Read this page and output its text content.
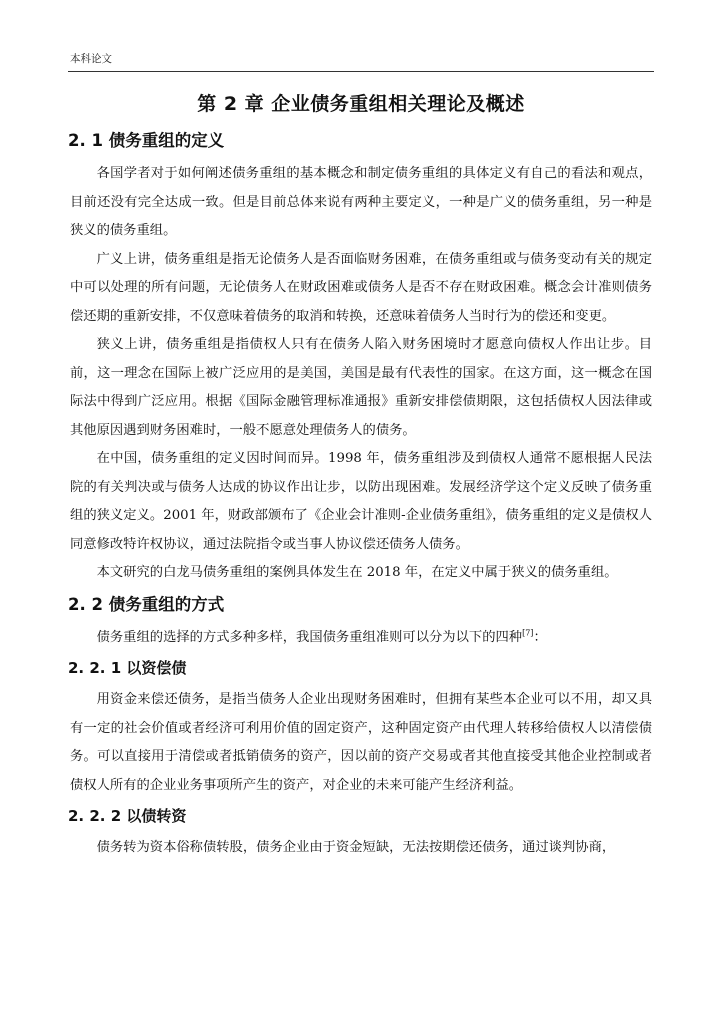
本科论文
第 2 章 企业债务重组相关理论及概述
2. 1 债务重组的定义

各国学者对于如何阐述债务重组的基本概念和制定债务重组的具体定义有自己的看法和观点，目前还没有完全达成一致。但是目前总体来说有两种主要定义，一种是广义的债务重组，另一种是狭义的债务重组。

广义上讲，债务重组是指无论债务人是否面临财务困难，在债务重组或与债务变动有关的规定中可以处理的所有问题，无论债务人在财政困难或债务人是否不存在财政困难。概念会计准则债务偿还期的重新安排，不仅意味着债务的取消和转换，还意味着债务人当时行为的偿还和变更。

狭义上讲，债务重组是指债权人只有在债务人陷入财务困境时才愿意向债权人作出让步。目前，这一理念在国际上被广泛应用的是美国，美国是最有代表性的国家。在这方面，这一概念在国际法中得到广泛应用。根据《国际金融管理标准通报》重新安排偿债期限，这包括债权人因法律或其他原因遇到财务困难时，一般不愿意处理债务人的债务。

在中国，债务重组的定义因时间而异。1998 年，债务重组涉及到债权人通常不愿根据人民法院的有关判决或与债务人达成的协议作出让步，以防出现困难。发展经济学这个定义反映了债务重组的狭义定义。2001 年，财政部颁布了《企业会计准则-企业债务重组》，债务重组的定义是债权人同意修改特许权协议，通过法院指令或当事人协议偿还债务人债务。

本文研究的白龙马债务重组的案例具体发生在 2018 年，在定义中属于狭义的债务重组。

2. 2 债务重组的方式

债务重组的选择的方式多种多样，我国债务重组准则可以分为以下的四种[7]：

2. 2. 1 以资偿债

用资金来偿还债务，是指当债务人企业出现财务困难时，但拥有某些本企业可以不用，却又具有一定的社会价值或者经济可利用价值的固定资产，这种固定资产由代理人转移给债权人以清偿债务。可以直接用于清偿或者抵销债务的资产，因以前的资产交易或者其他直接受其他企业控制或者债权人所有的企业业务事项所产生的资产，对企业的未来可能产生经济利益。

2. 2. 2 以债转资

债务转为资本俗称债转股，债务企业由于资金短缺，无法按期偿还债务，通过谈判协商，
